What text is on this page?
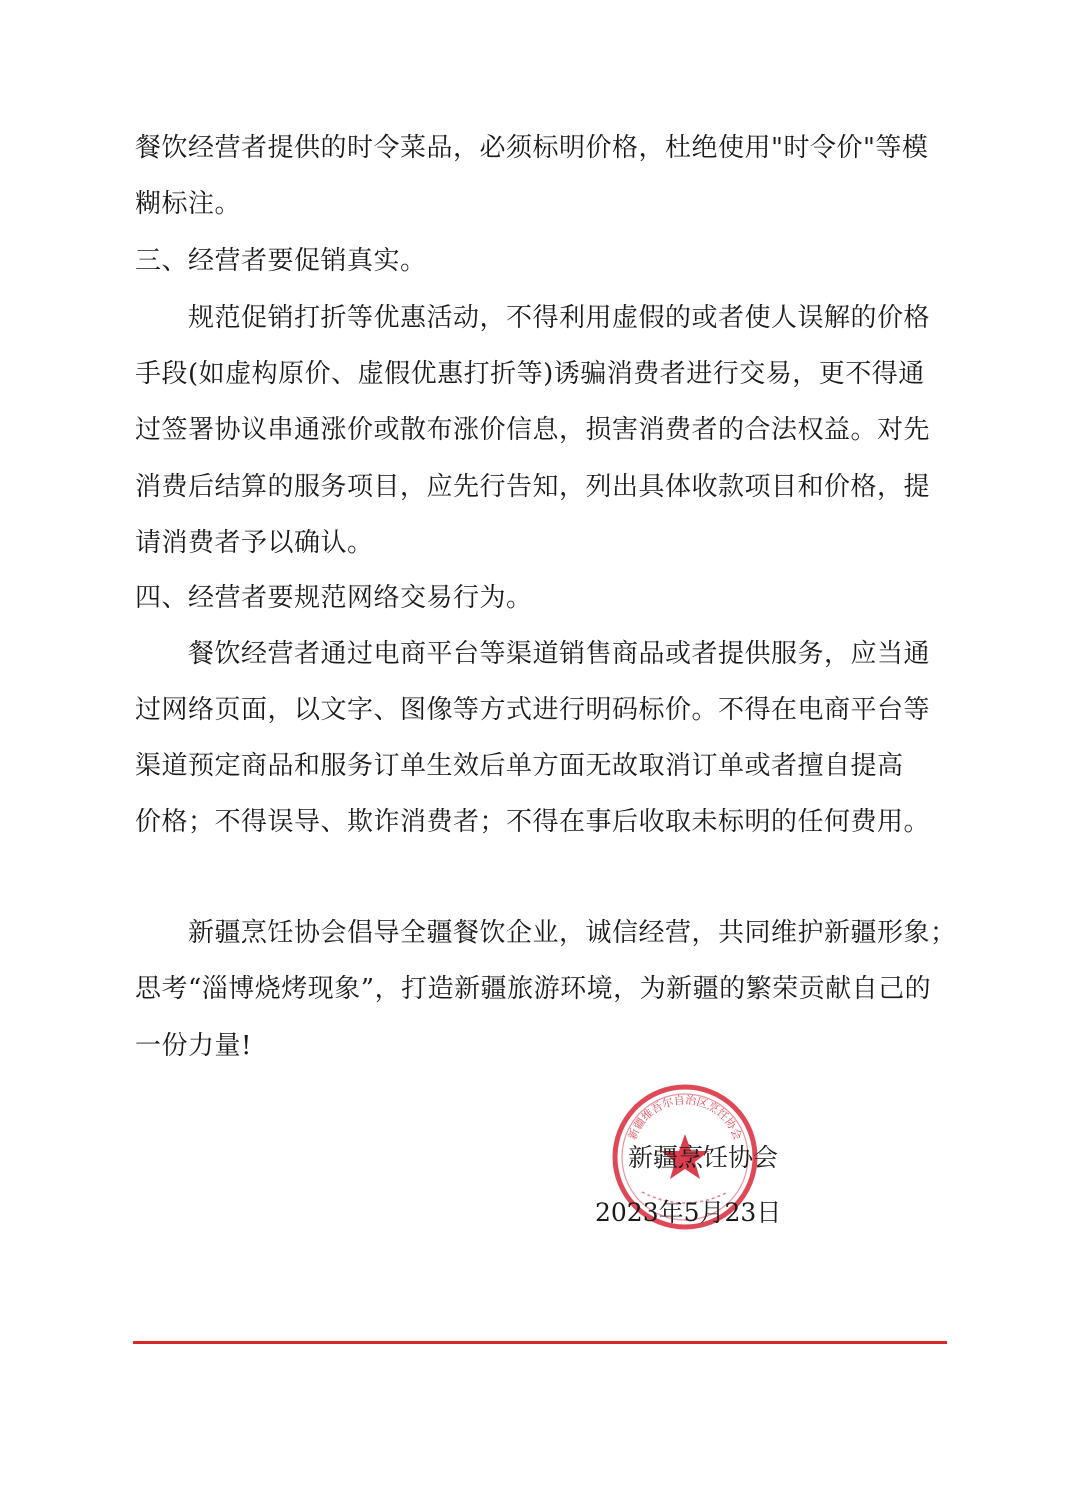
餐饮经营者提供的时令菜品，必须标明价格，杜绝使用"时令价"等模
糊标注。
三、经营者要促销真实。
规范促销打折等优惠活动，不得利用虚假的或者使人误解的价格
手段(如虚构原价、虚假优惠打折等)诱骗消费者进行交易，更不得通
过签署协议串通涨价或散布涨价信息，损害消费者的合法权益。对先
消费后结算的服务项目，应先行告知，列出具体收款项目和价格，提
请消费者予以确认。
四、经营者要规范网络交易行为。
餐饮经营者通过电商平台等渠道销售商品或者提供服务，应当通
过网络页面，以文字、图像等方式进行明码标价。不得在电商平台等
渠道预定商品和服务订单生效后单方面无故取消订单或者擅自提高
价格；不得误导、欺诈消费者；不得在事后收取未标明的任何费用。
新疆烹饪协会倡导全疆餐饮企业，诚信经营，共同维护新疆形象；
思考“淄博烧烤现象”，打造新疆旅游环境，为新疆的繁荣贡献自己的
一份力量!
新疆维吾尔自治区烹饪协会
新疆烹饪协会
2023年5月23日
